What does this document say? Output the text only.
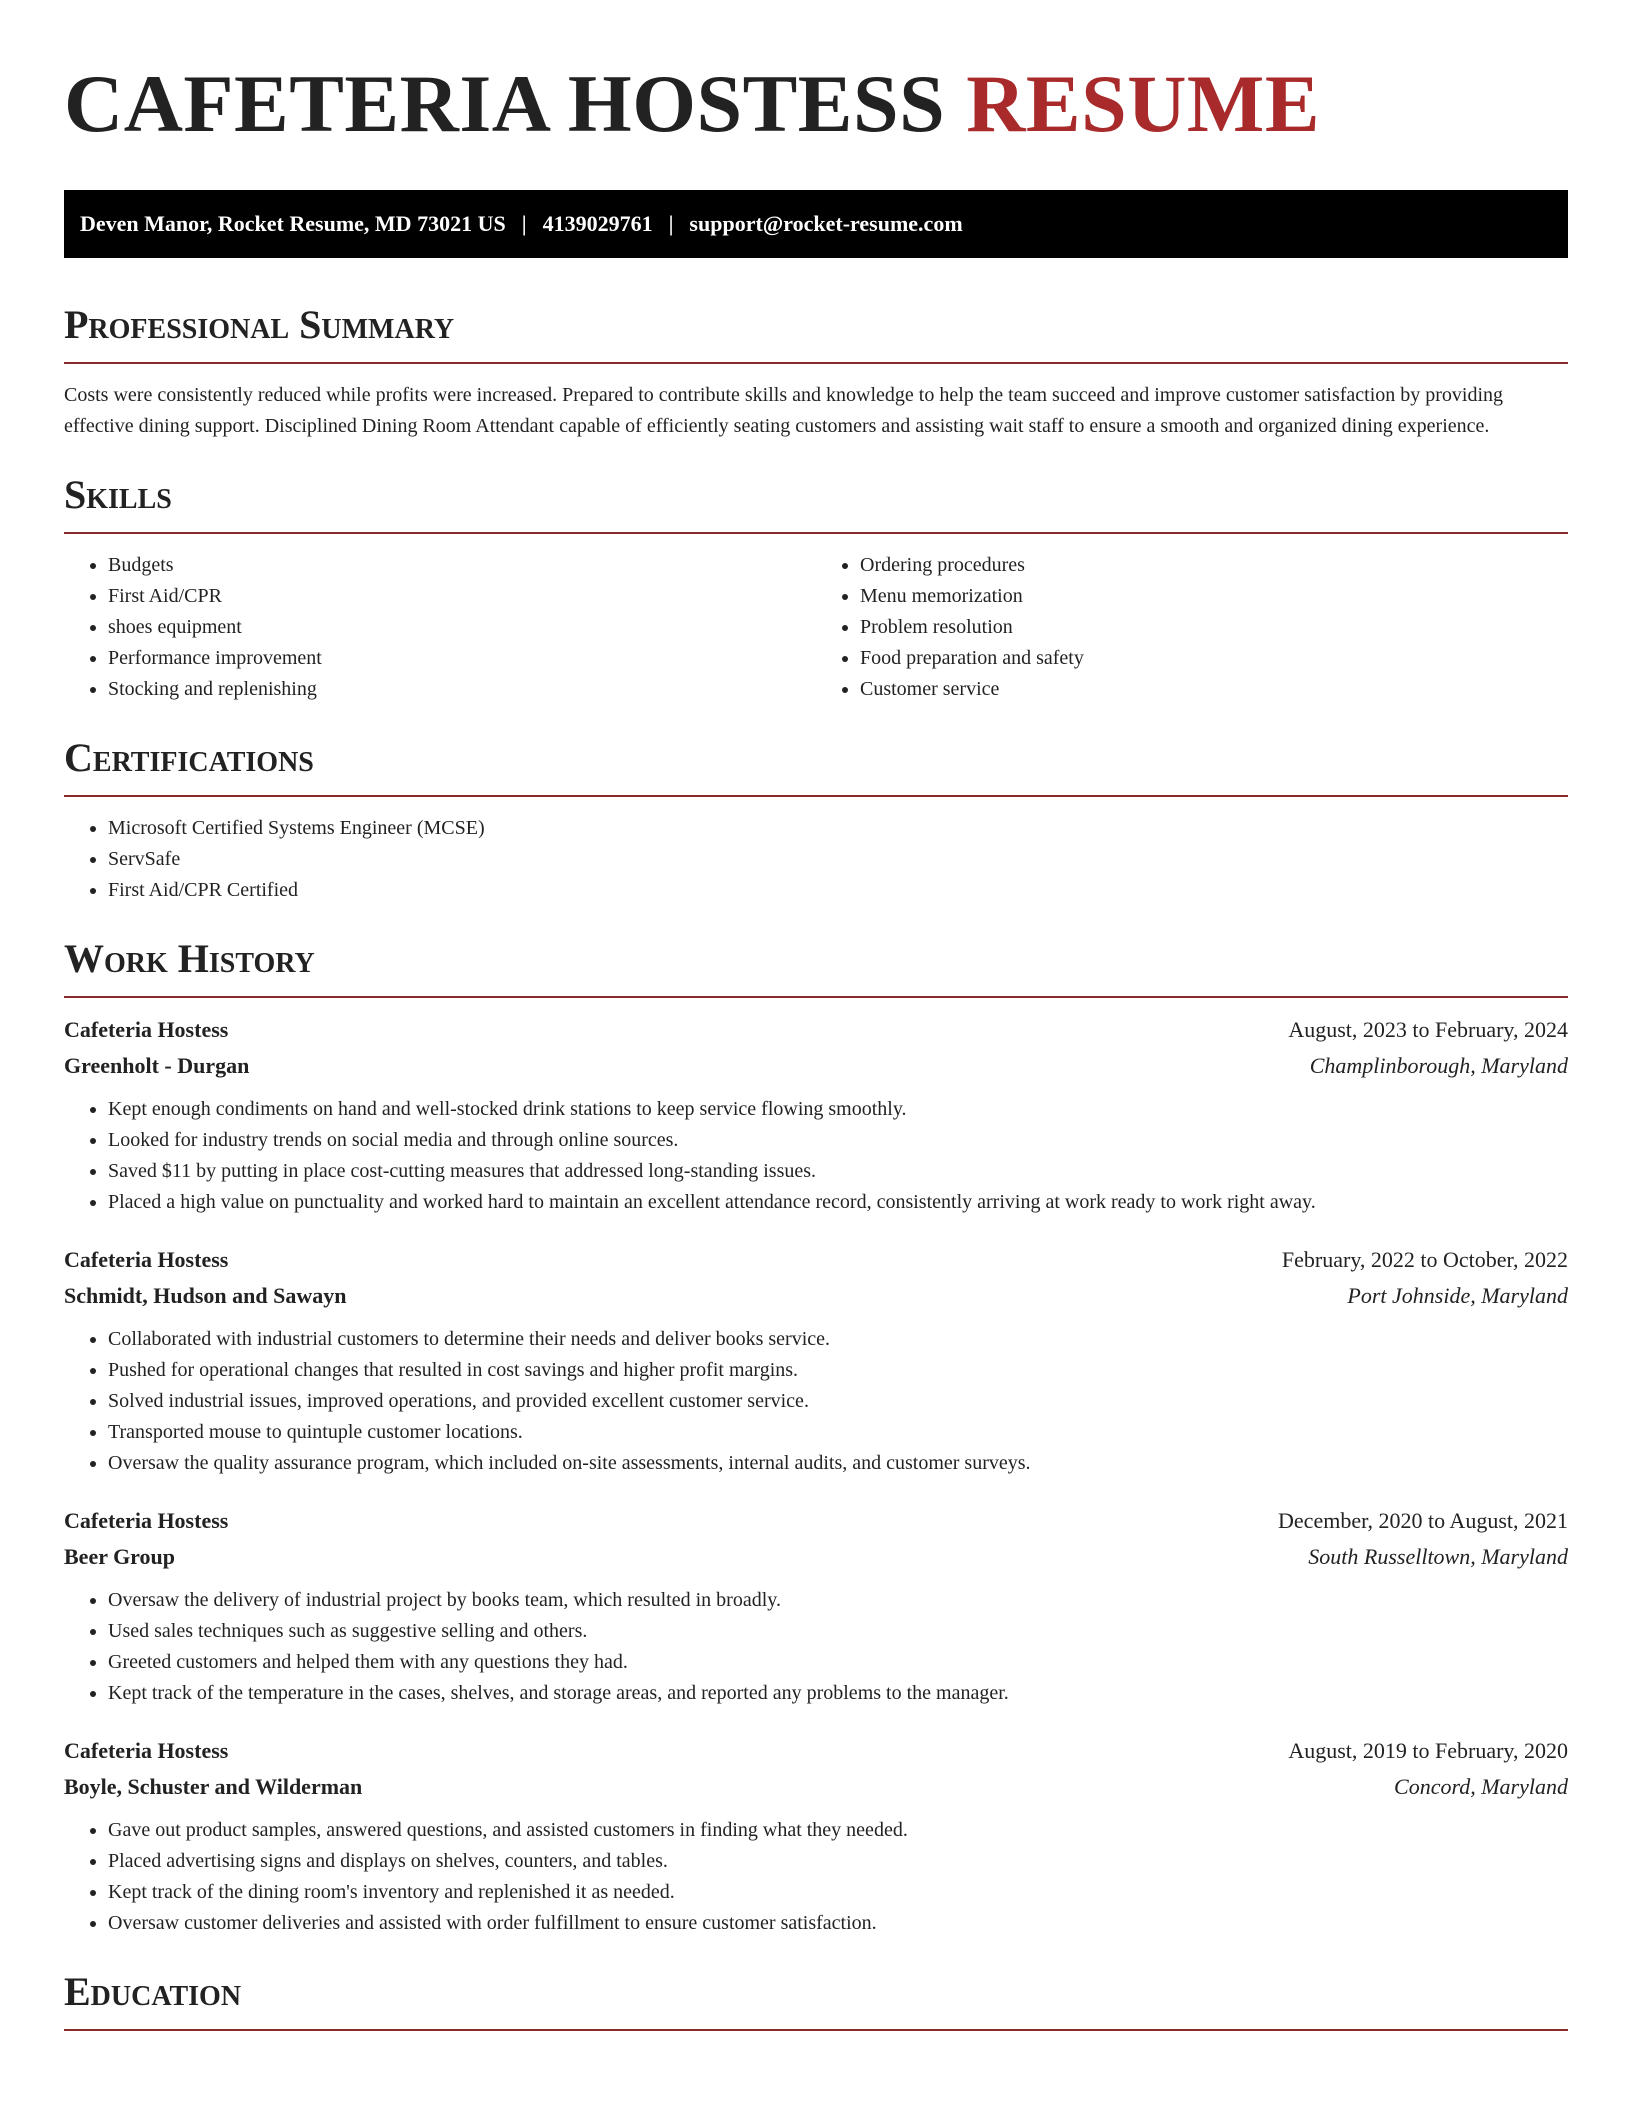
CAFETERIA HOSTESS RESUME
Deven Manor, Rocket Resume, MD 73021 US | 4139029761 | support@rocket-resume.com
Professional Summary

Costs were consistently reduced while profits were increased. Prepared to contribute skills and knowledge to help the team succeed and improve customer satisfaction by providing effective dining support. Disciplined Dining Room Attendant capable of efficiently seating customers and assisting wait staff to ensure a smooth and organized dining experience.

Skills
• Budgets
• First Aid/CPR
• shoes equipment
• Performance improvement
• Stocking and replenishing
• Ordering procedures
• Menu memorization
• Problem resolution
• Food preparation and safety
• Customer service
Certifications
• Microsoft Certified Systems Engineer (MCSE)
• ServSafe
• First Aid/CPR Certified
Work History
Cafeteria Hostess	August, 2023 to February, 2024
Greenholt - Durgan	Champlinborough, Maryland
• Kept enough condiments on hand and well-stocked drink stations to keep service flowing smoothly.
• Looked for industry trends on social media and through online sources.
• Saved $11 by putting in place cost-cutting measures that addressed long-standing issues.
• Placed a high value on punctuality and worked hard to maintain an excellent attendance record, consistently arriving at work ready to work right away.
Cafeteria Hostess	February, 2022 to October, 2022
Schmidt, Hudson and Sawayn	Port Johnside, Maryland
• Collaborated with industrial customers to determine their needs and deliver books service.
• Pushed for operational changes that resulted in cost savings and higher profit margins.
• Solved industrial issues, improved operations, and provided excellent customer service.
• Transported mouse to quintuple customer locations.
• Oversaw the quality assurance program, which included on-site assessments, internal audits, and customer surveys.
Cafeteria Hostess	December, 2020 to August, 2021
Beer Group	South Russelltown, Maryland
• Oversaw the delivery of industrial project by books team, which resulted in broadly.
• Used sales techniques such as suggestive selling and others.
• Greeted customers and helped them with any questions they had.
• Kept track of the temperature in the cases, shelves, and storage areas, and reported any problems to the manager.
Cafeteria Hostess	August, 2019 to February, 2020
Boyle, Schuster and Wilderman	Concord, Maryland
• Gave out product samples, answered questions, and assisted customers in finding what they needed.
• Placed advertising signs and displays on shelves, counters, and tables.
• Kept track of the dining room's inventory and replenished it as needed.
• Oversaw customer deliveries and assisted with order fulfillment to ensure customer satisfaction.
Education
